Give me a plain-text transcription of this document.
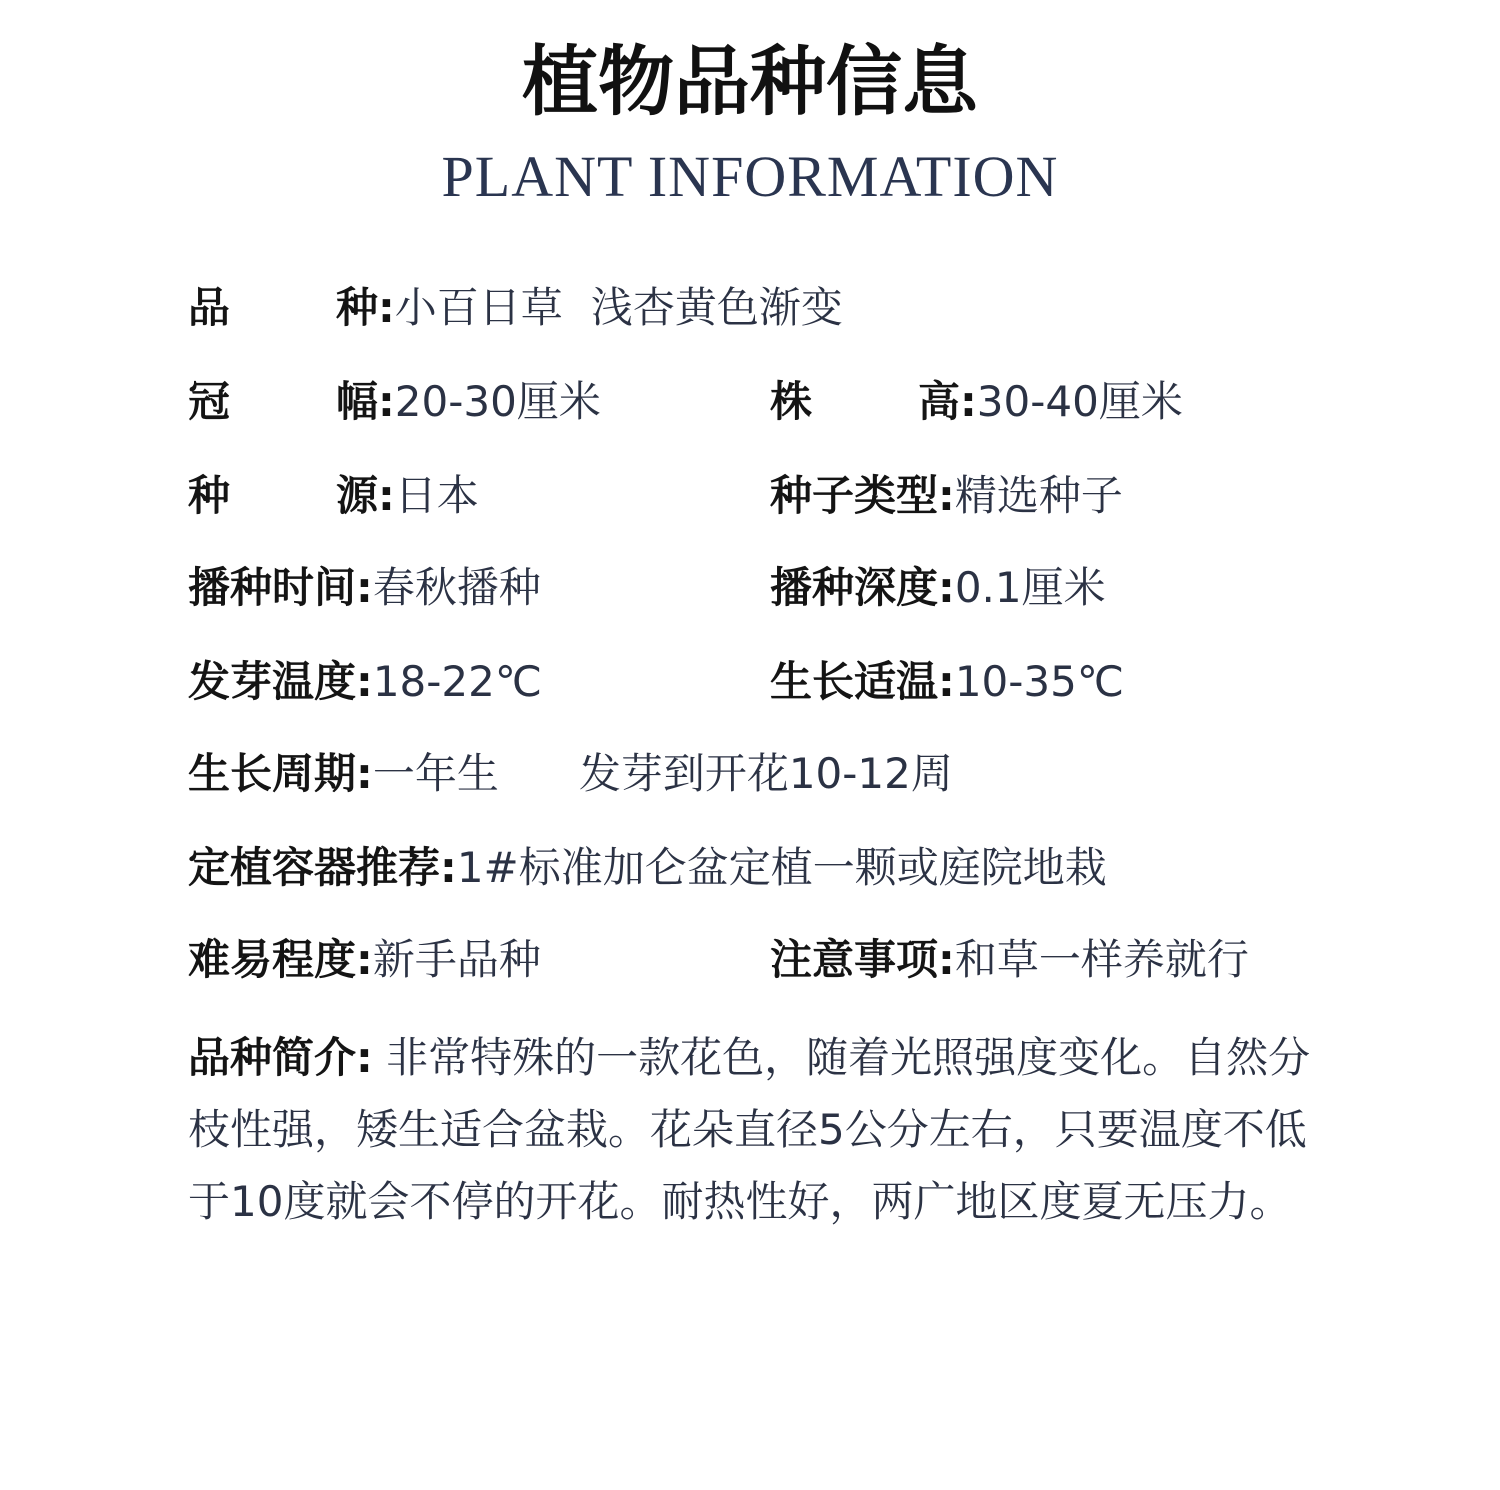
植物品种信息
PLANT INFORMATION
品种:小百日草 浅杏黄色渐变
冠幅:20-30厘米	株高:30-40厘米
种源:日本	种子类型:精选种子
播种时间:春秋播种	播种深度:0.1厘米
发芽温度:18-22℃	生长适温:10-35℃
生长周期:一年生 发芽到开花10-12周
定植容器推荐:1#标准加仑盆定植一颗或庭院地栽
难易程度:新手品种	注意事项:和草一样养就行
品种简介: 非常特殊的一款花色，随着光照强度变化。自然分枝性强，矮生适合盆栽。花朵直径5公分左右，只要温度不低于10度就会不停的开花。耐热性好，两广地区度夏无压力。
